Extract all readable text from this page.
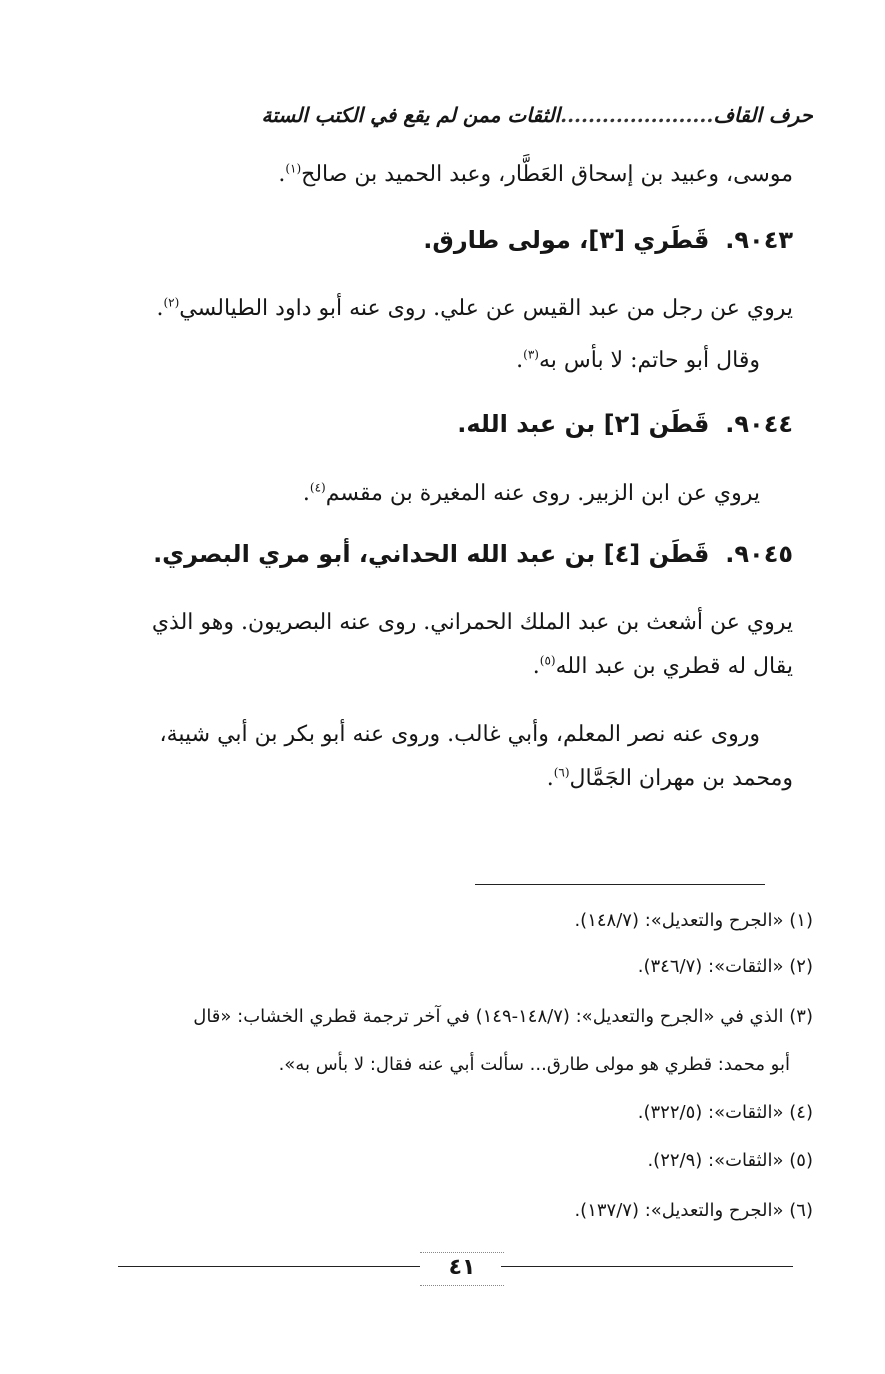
حرف القاف......................الثقات ممن لم يقع في الكتب الستة
موسى، وعبيد بن إسحاق العَطَّار، وعبد الحميد بن صالح$^{(١)}$.
٩٠٤٣.قَطَري [٣]، مولى طارق.
يروي عن رجل من عبد القيس عن علي. روى عنه أبو داود الطيالسي$^{(٢)}$.
وقال أبو حاتم: لا بأس به$^{(٣)}$.
٩٠٤٤.قَطَن [٢] بن عبد الله.
يروي عن ابن الزبير. روى عنه المغيرة بن مقسم$^{(٤)}$.
٩٠٤٥.قَطَن [٤] بن عبد الله الحداني، أبو مري البصري.
يروي عن أشعث بن عبد الملك الحمراني. روى عنه البصريون. وهو الذي
يقال له قطري بن عبد الله$^{(٥)}$.
وروى عنه نصر المعلم، وأبي غالب. وروى عنه أبو بكر بن أبي شيبة،
ومحمد بن مهران الجَمَّال$^{(٦)}$.
(١) «الجرح والتعديل»: (١٤٨/٧).
(٢) «الثقات»: (٣٤٦/٧).
(٣) الذي في «الجرح والتعديل»: (١٤٨/٧-١٤٩) في آخر ترجمة قطري الخشاب: «قال
أبو محمد: قطري هو مولى طارق... سألت أبي عنه فقال: لا بأس به».
(٤) «الثقات»: (٣٢٢/٥).
(٥) «الثقات»: (٢٢/٩).
(٦) «الجرح والتعديل»: (١٣٧/٧).
٤١
